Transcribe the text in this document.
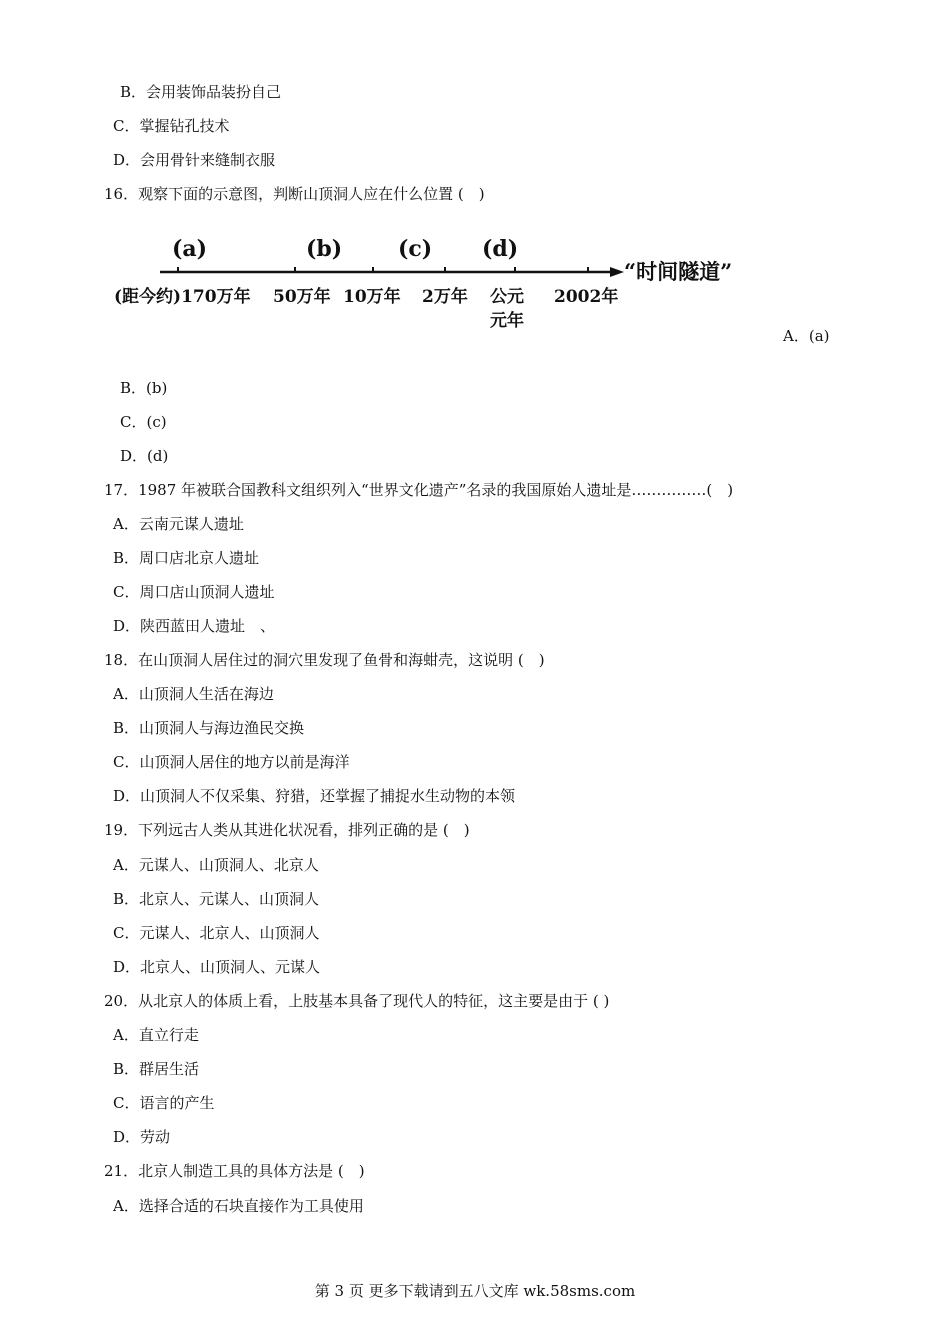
B．会用装饰品装扮自己
C．掌握钻孔技术
D．会用骨针来缝制衣服
16．观察下面的示意图，判断山顶洞人应在什么位置 (　)
(a)	(b)	(c) (d)
“时间隧道”
(距今约)170万年 50万年 10万年 2万年 公元
元年
2002年
A．(a)
B．(b)
C．(c)
D．(d)
17．1987 年被联合国教科文组织列入“世界文化遗产”名录的我国原始人遗址是……………(　)
A．云南元谋人遗址
B．周口店北京人遗址
C．周口店山顶洞人遗址
D．陕西蓝田人遗址　、
18．在山顶洞人居住过的洞穴里发现了鱼骨和海蚶壳，这说明 (　)
A．山顶洞人生活在海边
B．山顶洞人与海边渔民交换
C．山顶洞人居住的地方以前是海洋
D．山顶洞人不仅采集、狩猎，还掌握了捕捉水生动物的本领
19．下列远古人类从其进化状况看，排列正确的是 (　)
A．元谋人、山顶洞人、北京人
B．北京人、元谋人、山顶洞人
C．元谋人、北京人、山顶洞人
D．北京人、山顶洞人、元谋人
20．从北京人的体质上看，上肢基本具备了现代人的特征，这主要是由于 ( )
A．直立行走
B．群居生活
C．语言的产生
D．劳动
21．北京人制造工具的具体方法是 (　)
A．选择合适的石块直接作为工具使用
第 3 页 更多下载请到五八文库 wk.58sms.com
